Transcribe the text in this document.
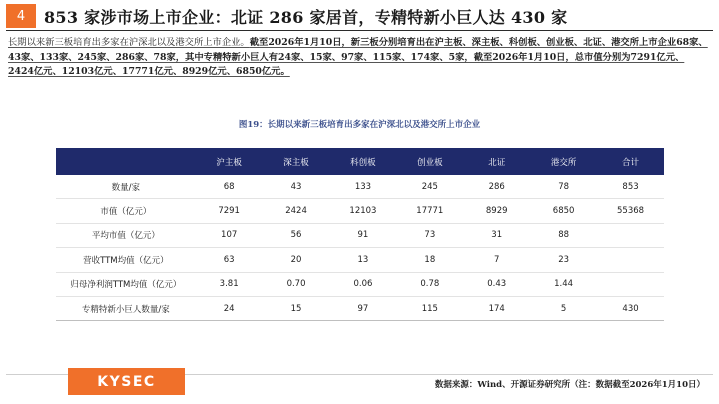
4	853 家涉市场上市企业：北证 286 家居首，专精特新小巨人达 430 家
长期以来新三板培育出多家在沪深北以及港交所上市企业。截至2026年1月10日，新三板分别培育出在沪主板、深主板、科创板、创业板、北证、港交所上市企业68家、43家、133家、245家、286家、78家，其中专精特新小巨人有24家、15家、97家、115家、174家、5家，截至2026年1月10日，总市值分别为7291亿元、2424亿元、12103亿元、17771亿元、8929亿元、6850亿元。
图19：长期以来新三板培育出多家在沪深北以及港交所上市企业
	沪主板	深主板	科创板	创业板	北证	港交所	合计
数量/家	68	43	133	245	286	78	853
市值（亿元）	7291	2424	12103	17771	8929	6850	55368
平均市值（亿元）	107	56	91	73	31	88	
营收TTM均值（亿元）	63	20	13	18	7	23	
归母净利润TTM均值（亿元）	3.81	0.70	0.06	0.78	0.43	1.44	
专精特新小巨人数量/家	24	15	97	115	174	5	430
KYSEC	数据来源：Wind、开源证券研究所（注：数据截至2026年1月10日）
